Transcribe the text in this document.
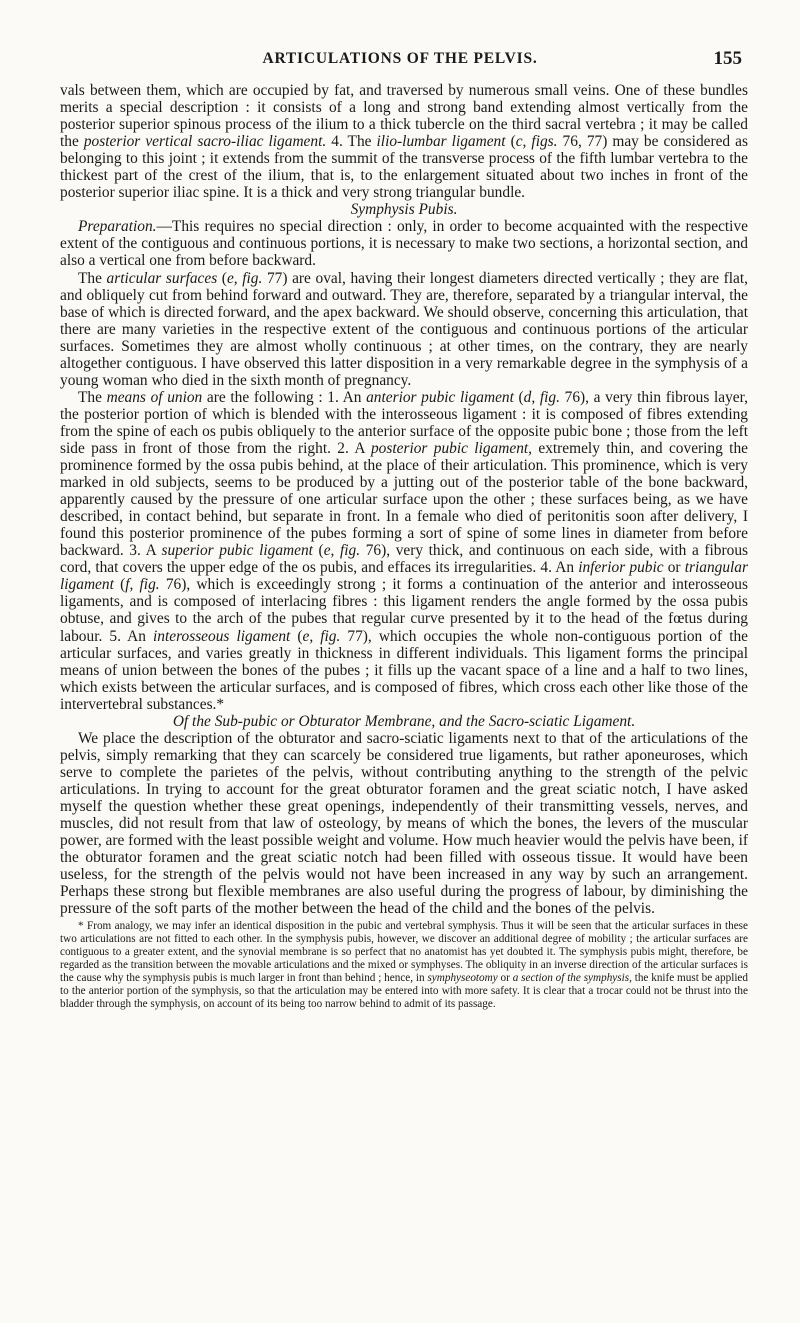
ARTICULATIONS OF THE PELVIS.	155

vals between them, which are occupied by fat, and traversed by numerous small veins. One of these bundles merits a special description : it consists of a long and strong band extending almost vertically from the posterior superior spinous process of the ilium to a thick tubercle on the third sacral vertebra ; it may be called the posterior vertical sacro-iliac ligament. 4. The ilio-lumbar ligament (c, figs. 76, 77) may be considered as belonging to this joint ; it extends from the summit of the transverse process of the fifth lumbar vertebra to the thickest part of the crest of the ilium, that is, to the enlargement situated about two inches in front of the posterior superior iliac spine. It is a thick and very strong triangular bundle.

Symphysis Pubis.

Preparation.—This requires no special direction : only, in order to become acquainted with the respective extent of the contiguous and continuous portions, it is necessary to make two sections, a horizontal section, and also a vertical one from before backward.

The articular surfaces (e, fig. 77) are oval, having their longest diameters directed vertically ; they are flat, and obliquely cut from behind forward and outward. They are, therefore, separated by a triangular interval, the base of which is directed forward, and the apex backward. We should observe, concerning this articulation, that there are many varieties in the respective extent of the contiguous and continuous portions of the articular surfaces. Sometimes they are almost wholly continuous ; at other times, on the contrary, they are nearly altogether contiguous. I have observed this latter disposition in a very remarkable degree in the symphysis of a young woman who died in the sixth month of pregnancy.

The means of union are the following : 1. An anterior pubic ligament (d, fig. 76), a very thin fibrous layer, the posterior portion of which is blended with the interosseous ligament : it is composed of fibres extending from the spine of each os pubis obliquely to the anterior surface of the opposite pubic bone ; those from the left side pass in front of those from the right. 2. A posterior pubic ligament, extremely thin, and covering the prominence formed by the ossa pubis behind, at the place of their articulation. This prominence, which is very marked in old subjects, seems to be produced by a jutting out of the posterior table of the bone backward, apparently caused by the pressure of one articular surface upon the other ; these surfaces being, as we have described, in contact behind, but separate in front. In a female who died of peritonitis soon after delivery, I found this posterior prominence of the pubes forming a sort of spine of some lines in diameter from before backward. 3. A superior pubic ligament (e, fig. 76), very thick, and continuous on each side, with a fibrous cord, that covers the upper edge of the os pubis, and effaces its irregularities. 4. An inferior pubic or triangular ligament (f, fig. 76), which is exceedingly strong ; it forms a continuation of the anterior and interosseous ligaments, and is composed of interlacing fibres : this ligament renders the angle formed by the ossa pubis obtuse, and gives to the arch of the pubes that regular curve presented by it to the head of the fœtus during labour. 5. An interosseous ligament (e, fig. 77), which occupies the whole non-contiguous portion of the articular surfaces, and varies greatly in thickness in different individuals. This ligament forms the principal means of union between the bones of the pubes ; it fills up the vacant space of a line and a half to two lines, which exists between the articular surfaces, and is composed of fibres, which cross each other like those of the intervertebral substances.*

Of the Sub-pubic or Obturator Membrane, and the Sacro-sciatic Ligament.

We place the description of the obturator and sacro-sciatic ligaments next to that of the articulations of the pelvis, simply remarking that they can scarcely be considered true ligaments, but rather aponeuroses, which serve to complete the parietes of the pelvis, without contributing anything to the strength of the pelvic articulations. In trying to account for the great obturator foramen and the great sciatic notch, I have asked myself the question whether these great openings, independently of their transmitting vessels, nerves, and muscles, did not result from that law of osteology, by means of which the bones, the levers of the muscular power, are formed with the least possible weight and volume. How much heavier would the pelvis have been, if the obturator foramen and the great sciatic notch had been filled with osseous tissue. It would have been useless, for the strength of the pelvis would not have been increased in any way by such an arrangement. Perhaps these strong but flexible membranes are also useful during the progress of labour, by diminishing the pressure of the soft parts of the mother between the head of the child and the bones of the pelvis.

* From analogy, we may infer an identical disposition in the pubic and vertebral symphysis. Thus it will be seen that the articular surfaces in these two articulations are not fitted to each other. In the symphysis pubis, however, we discover an additional degree of mobility ; the articular surfaces are contiguous to a greater extent, and the synovial membrane is so perfect that no anatomist has yet doubted it. The symphysis pubis might, therefore, be regarded as the transition between the movable articulations and the mixed or symphyses. The obliquity in an inverse direction of the articular surfaces is the cause why the symphysis pubis is much larger in front than behind ; hence, in symphyseotomy or a section of the symphysis, the knife must be applied to the anterior portion of the symphysis, so that the articulation may be entered into with more safety. It is clear that a trocar could not be thrust into the bladder through the symphysis, on account of its being too narrow behind to admit of its passage.
